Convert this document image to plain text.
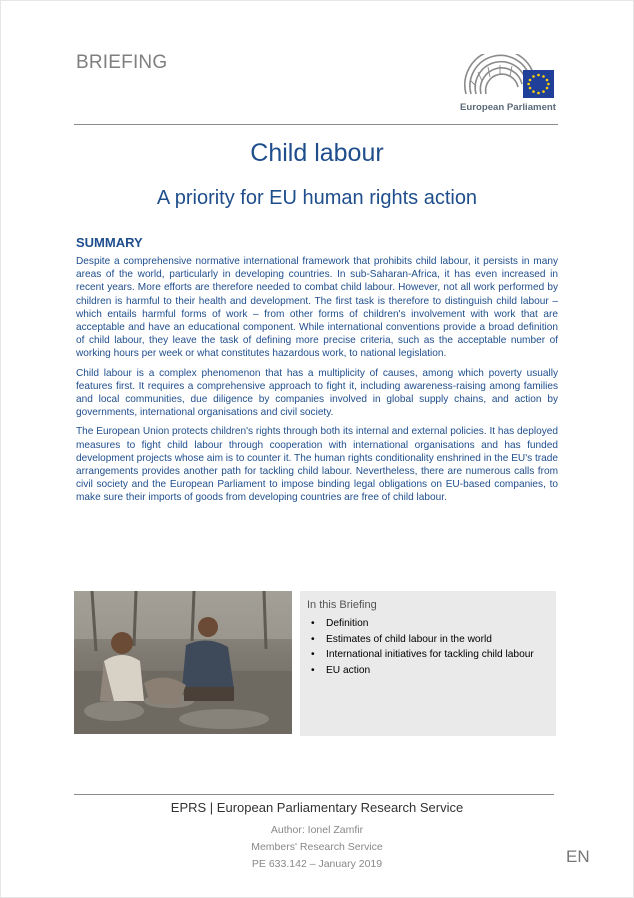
BRIEFING
European Parliament
Child labour
A priority for EU human rights action
SUMMARY

Despite a comprehensive normative international framework that prohibits child labour, it persists in many areas of the world, particularly in developing countries. In sub-Saharan-Africa, it has even increased in recent years. More efforts are therefore needed to combat child labour. However, not all work performed by children is harmful to their health and development. The first task is therefore to distinguish child labour – which entails harmful forms of work – from other forms of children's involvement with work that are acceptable and have an educational component. While international conventions provide a broad definition of child labour, they leave the task of defining more precise criteria, such as the acceptable number of working hours per week or what constitutes hazardous work, to national legislation.

Child labour is a complex phenomenon that has a multiplicity of causes, among which poverty usually features first. It requires a comprehensive approach to fight it, including awareness-raising among families and local communities, due diligence by companies involved in global supply chains, and action by governments, international organisations and civil society.

The European Union protects children's rights through both its internal and external policies. It has deployed measures to fight child labour through cooperation with international organisations and has funded development projects whose aim is to counter it. The human rights conditionality enshrined in the EU's trade arrangements provides another path for tackling child labour. Nevertheless, there are numerous calls from civil society and the European Parliament to impose binding legal obligations on EU-based companies, to make sure their imports of goods from developing countries are free of child labour.

In this Briefing
• Definition
• Estimates of child labour in the world
• International initiatives for tackling child labour
• EU action
EPRS | European Parliamentary Research Service
Author: Ionel Zamfir
Members' Research Service
PE 633.142 – January 2019	EN
